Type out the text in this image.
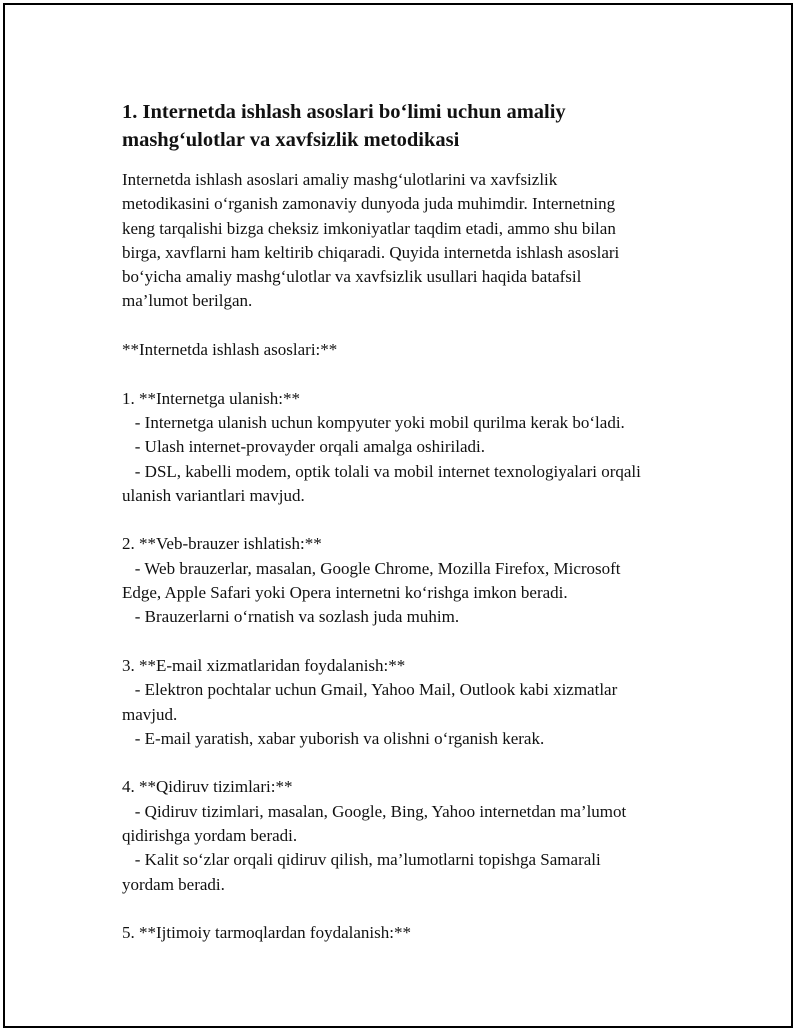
1. Internetda ishlash asoslari bo‘limi uchun amaliy
mashg‘ulotlar va xavfsizlik metodikasi
Internetda ishlash asoslari amaliy mashg‘ulotlarini va xavfsizlik
metodikasini o‘rganish zamonaviy dunyoda juda muhimdir. Internetning
keng tarqalishi bizga cheksiz imkoniyatlar taqdim etadi, ammo shu bilan
birga, xavflarni ham keltirib chiqaradi. Quyida internetda ishlash asoslari
bo‘yicha amaliy mashg‘ulotlar va xavfsizlik usullari haqida batafsil
ma’lumot berilgan.
**Internetda ishlash asoslari:**
1. **Internetga ulanish:**
- Internetga ulanish uchun kompyuter yoki mobil qurilma kerak bo‘ladi.
- Ulash internet-provayder orqali amalga oshiriladi.
- DSL, kabelli modem, optik tolali va mobil internet texnologiyalari orqali
ulanish variantlari mavjud.
2. **Veb-brauzer ishlatish:**
- Web brauzerlar, masalan, Google Chrome, Mozilla Firefox, Microsoft
Edge, Apple Safari yoki Opera internetni ko‘rishga imkon beradi.
- Brauzerlarni o‘rnatish va sozlash juda muhim.
3. **E-mail xizmatlaridan foydalanish:**
- Elektron pochtalar uchun Gmail, Yahoo Mail, Outlook kabi xizmatlar
mavjud.
- E-mail yaratish, xabar yuborish va olishni o‘rganish kerak.
4. **Qidiruv tizimlari:**
- Qidiruv tizimlari, masalan, Google, Bing, Yahoo internetdan ma’lumot
qidirishga yordam beradi.
- Kalit so‘zlar orqali qidiruv qilish, ma’lumotlarni topishga Samarali
yordam beradi.
5. **Ijtimoiy tarmoqlardan foydalanish:**
